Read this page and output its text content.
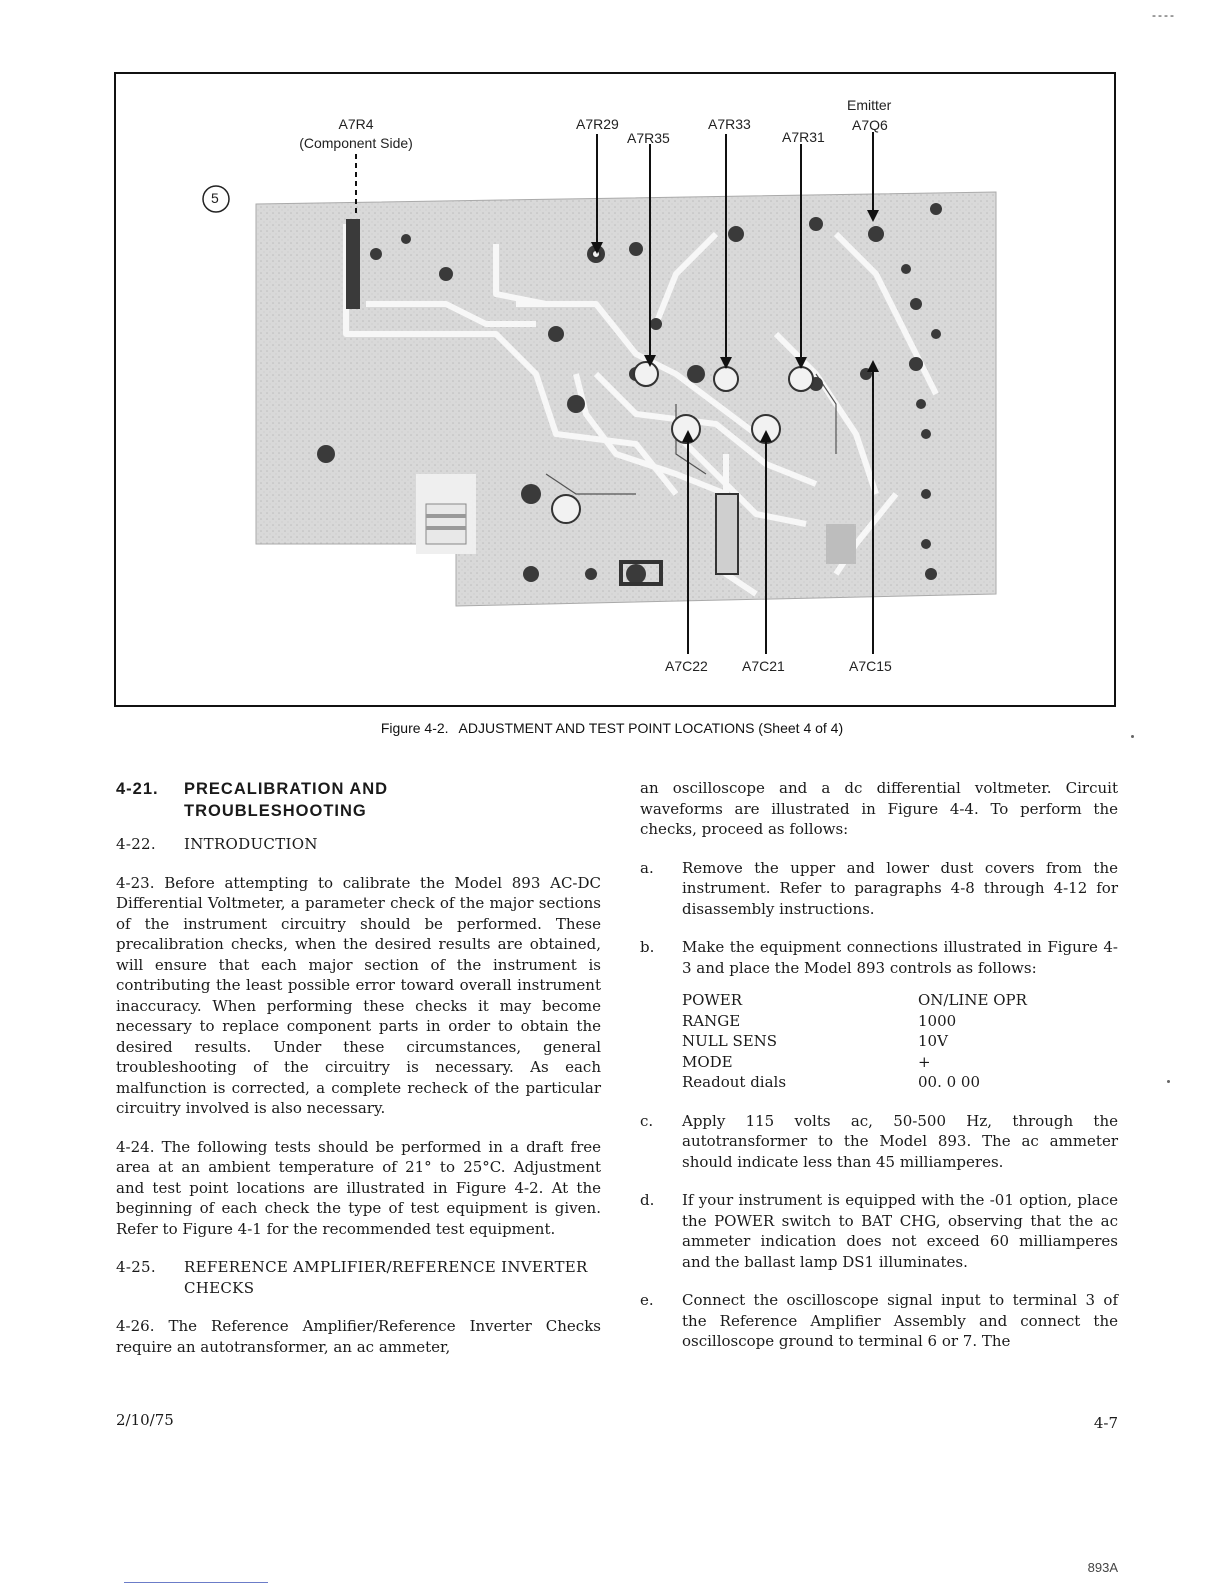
----
5
A7R4
(Component Side)
A7R29
A7R35
A7R33
A7R31
Emitter
A7Q6
A7C22 A7C21	A7C15
Figure 4-2. ADJUSTMENT AND TEST POINT LOCATIONS (Sheet 4 of 4)
4-21.	PRECALIBRATION AND
TROUBLESHOOTING
4-22.	INTRODUCTION

4-23. Before attempting to calibrate the Model 893 AC-DC Differential Voltmeter, a parameter check of the major sections of the instrument circuitry should be performed. These precalibration checks, when the desired results are obtained, will ensure that each major section of the instrument is contributing the least possible error toward overall instrument inaccuracy. When performing these checks it may become necessary to replace component parts in order to obtain the desired results. Under these circumstances, general troubleshooting of the circuitry is necessary. As each malfunction is corrected, a complete recheck of the particular circuitry involved is also necessary.

4-24. The following tests should be performed in a draft free area at an ambient temperature of 21° to 25°C. Adjustment and test point locations are illustrated in Figure 4-2. At the beginning of each check the type of test equipment is given. Refer to Figure 4-1 for the recommended test equipment.

4-25.	REFERENCE AMPLIFIER/REFERENCE INVERTER CHECKS

4-26. The Reference Amplifier/Reference Inverter Checks require an autotransformer, an ac ammeter,

an oscilloscope and a dc differential voltmeter. Circuit waveforms are illustrated in Figure 4-4. To perform the checks, proceed as follows:

a.	Remove the upper and lower dust covers from the instrument. Refer to paragraphs 4-8 through 4-12 for disassembly instructions.
b.	Make the equipment connections illustrated in Figure 4-3 and place the Model 893 controls as follows:
POWER	ON/LINE OPR
RANGE	1000
NULL SENS	10V
MODE	+
Readout dials	00. 0 00
c.	Apply 115 volts ac, 50-500 Hz, through the autotransformer to the Model 893. The ac ammeter should indicate less than 45 milliamperes.
d.	If your instrument is equipped with the -01 option, place the POWER switch to BAT CHG, observing that the ac ammeter indication does not exceed 60 milliamperes and the ballast lamp DS1 illuminates.
e.	Connect the oscilloscope signal input to terminal 3 of the Reference Amplifier Assembly and connect the oscilloscope ground to terminal 6 or 7. The
2/10/75	4-7
893A
